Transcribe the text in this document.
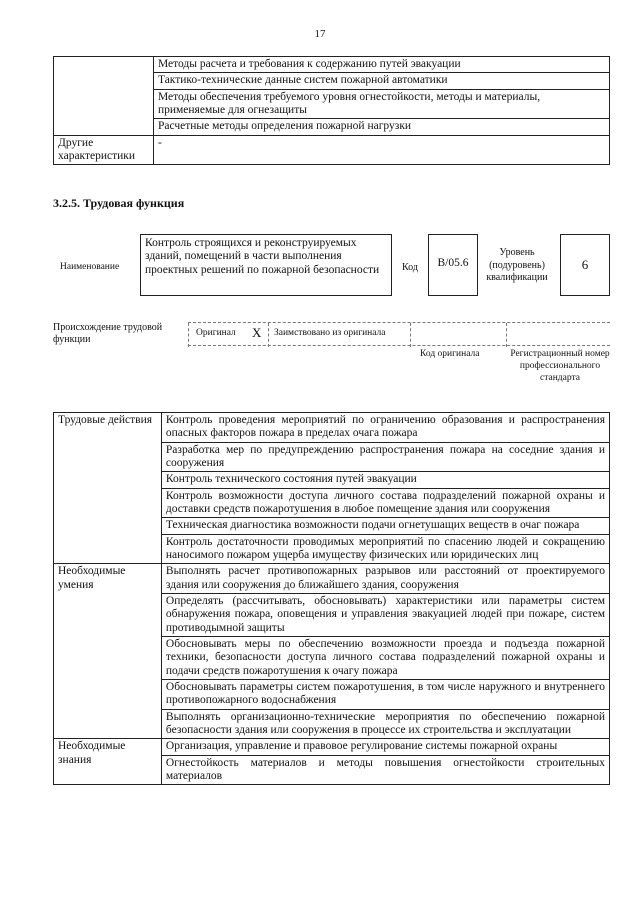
17
	Методы расчета и требования к содержанию путей эвакуации
	Тактико-технические данные систем пожарной автоматики
	Методы обеспечения требуемого уровня огнестойкости, методы и материалы, применяемые для огнезащиты
	Расчетные методы определения пожарной нагрузки
Другие характеристики	-
3.2.5. Трудовая функция
Наименование
Контроль строящихся и реконструируемых зданий, помещений в части выполнения проектных решений по пожарной безопасности	Код	B/05.6
Уровень (подуровень) квалификации
6
Происхождение трудовой функции
Оригинал X Заимствовано из оригинала
Код оригинала	Регистрационный номер профессионального стандарта
Трудовые действия	Контроль проведения мероприятий по ограничению образования и распространения опасных факторов пожара в пределах очага пожара
	Разработка мер по предупреждению распространения пожара на соседние здания и сооружения
	Контроль технического состояния путей эвакуации
	Контроль возможности доступа личного состава подразделений пожарной охраны и доставки средств пожаротушения в любое помещение здания или сооружения
	Техническая диагностика возможности подачи огнетушащих веществ в очаг пожара
	Контроль достаточности проводимых мероприятий по спасению людей и сокращению наносимого пожаром ущерба имуществу физических или юридических лиц
Необходимые умения	Выполнять расчет противопожарных разрывов или расстояний от проектируемого здания или сооружения до ближайшего здания, сооружения
	Определять (рассчитывать, обосновывать) характеристики или параметры систем обнаружения пожара, оповещения и управления эвакуацией людей при пожаре, систем противодымной защиты
	Обосновывать меры по обеспечению возможности проезда и подъезда пожарной техники, безопасности доступа личного состава подразделений пожарной охраны и подачи средств пожаротушения к очагу пожара
	Обосновывать параметры систем пожаротушения, в том числе наружного и внутреннего противопожарного водоснабжения
	Выполнять организационно-технические мероприятия по обеспечению пожарной безопасности здания или сооружения в процессе их строительства и эксплуатации
Необходимые знания	Организация, управление и правовое регулирование системы пожарной охраны
	Огнестойкость материалов и методы повышения огнестойкости строительных материалов
